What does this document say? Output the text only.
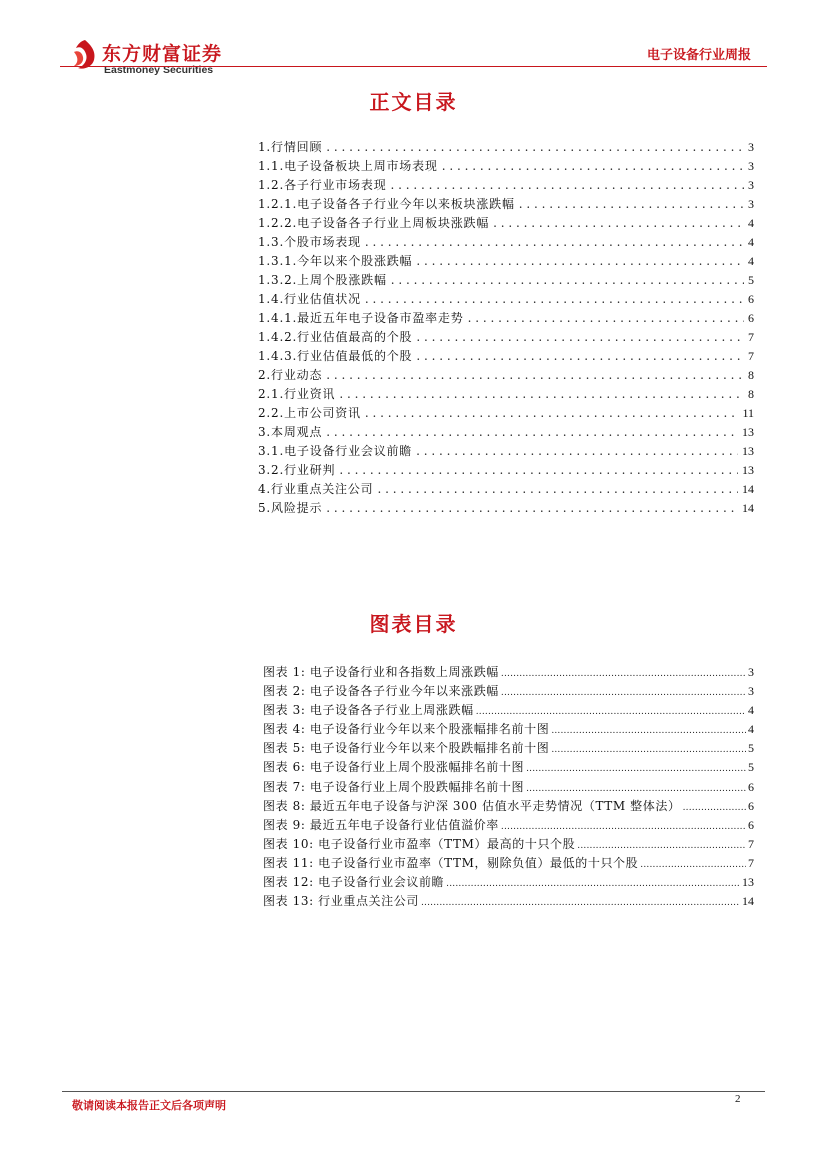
东方财富证券
Eastmoney Securities
电子设备行业周报
正文目录
1.行情回顾 . . .	3
1.1.电子设备板块上周市场表现 . . .	3
1.2.各子行业市场表现 . . .	3
1.2.1.电子设备各子行业今年以来板块涨跌幅 . . .	3
1.2.2.电子设备各子行业上周板块涨跌幅 . . .	4
1.3.个股市场表现 . . .	4
1.3.1.今年以来个股涨跌幅 . . .	4
1.3.2.上周个股涨跌幅 . . .	5
1.4.行业估值状况 . . .	6
1.4.1.最近五年电子设备市盈率走势 . . .	6
1.4.2.行业估值最高的个股 . . .	7
1.4.3.行业估值最低的个股 . . .	7
2.行业动态 . . .	8
2.1.行业资讯 . . .	8
2.2.上市公司资讯 . . .	11
3.本周观点 . . .	13
3.1.电子设备行业会议前瞻 . . .	13
3.2.行业研判 . . .	13
4.行业重点关注公司 . . .	14
5.风险提示 . . .	14
图表目录
图表 1: 电子设备行业和各指数上周涨跌幅 .....	3
图表 2: 电子设备各子行业今年以来涨跌幅 .....	3
图表 3: 电子设备各子行业上周涨跌幅 .....	4
图表 4: 电子设备行业今年以来个股涨幅排名前十图 .....	4
图表 5: 电子设备行业今年以来个股跌幅排名前十图 .....	5
图表 6: 电子设备行业上周个股涨幅排名前十图 .....	5
图表 7: 电子设备行业上周个股跌幅排名前十图 .....	6
图表 8: 最近五年电子设备与沪深 300 估值水平走势情况（TTM 整体法） .....	6
图表 9: 最近五年电子设备行业估值溢价率 .....	6
图表 10: 电子设备行业市盈率（TTM）最高的十只个股 .....	7
图表 11: 电子设备行业市盈率（TTM，剔除负值）最低的十只个股 .....	7
图表 12: 电子设备行业会议前瞻 .....	13
图表 13: 行业重点关注公司 .....	14
敬请阅读本报告正文后各项声明	2
